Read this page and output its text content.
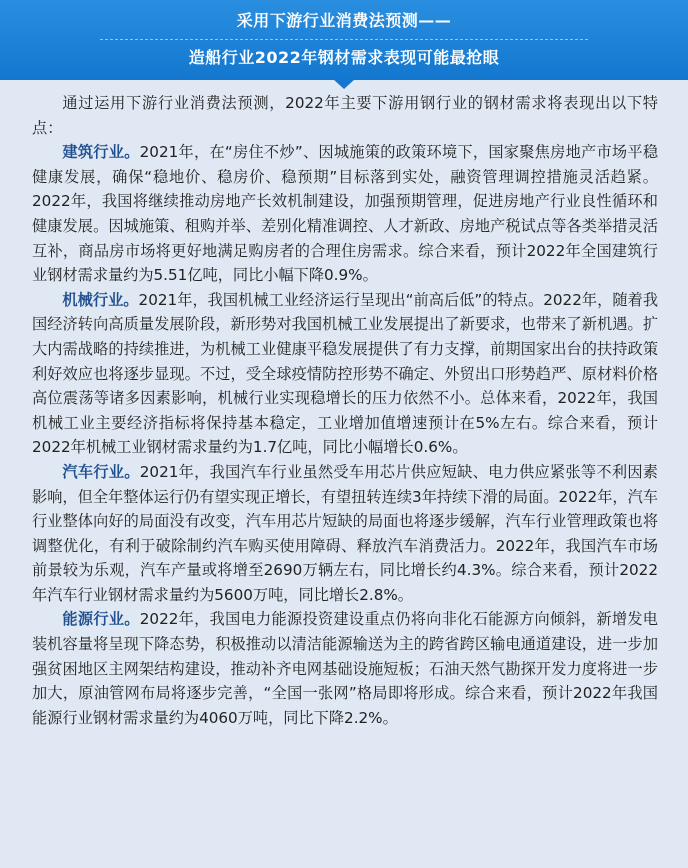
采用下游行业消费法预测——
造船行业2022年钢材需求表现可能最抢眼

通过运用下游行业消费法预测，2022年主要下游用钢行业的钢材需求将表现出以下特点：

建筑行业。2021年，在“房住不炒”、因城施策的政策环境下，国家聚焦房地产市场平稳健康发展，确保“稳地价、稳房价、稳预期”目标落到实处，融资管理调控措施灵活趋紧。2022年，我国将继续推动房地产长效机制建设，加强预期管理，促进房地产行业良性循环和健康发展。因城施策、租购并举、差别化精准调控、人才新政、房地产税试点等各类举措灵活互补，商品房市场将更好地满足购房者的合理住房需求。综合来看，预计2022年全国建筑行业钢材需求量约为5.51亿吨，同比小幅下降0.9%。

机械行业。2021年，我国机械工业经济运行呈现出“前高后低”的特点。2022年，随着我国经济转向高质量发展阶段，新形势对我国机械工业发展提出了新要求，也带来了新机遇。扩大内需战略的持续推进，为机械工业健康平稳发展提供了有力支撑，前期国家出台的扶持政策利好效应也将逐步显现。不过，受全球疫情防控形势不确定、外贸出口形势趋严、原材料价格高位震荡等诸多因素影响，机械行业实现稳增长的压力依然不小。总体来看，2022年，我国机械工业主要经济指标将保持基本稳定，工业增加值增速预计在5%左右。综合来看，预计2022年机械工业钢材需求量约为1.7亿吨，同比小幅增长0.6%。

汽车行业。2021年，我国汽车行业虽然受车用芯片供应短缺、电力供应紧张等不利因素影响，但全年整体运行仍有望实现正增长，有望扭转连续3年持续下滑的局面。2022年，汽车行业整体向好的局面没有改变，汽车用芯片短缺的局面也将逐步缓解，汽车行业管理政策也将调整优化，有利于破除制约汽车购买使用障碍、释放汽车消费活力。2022年，我国汽车市场前景较为乐观，汽车产量或将增至2690万辆左右，同比增长约4.3%。综合来看，预计2022年汽车行业钢材需求量约为5600万吨，同比增长2.8%。

能源行业。2022年，我国电力能源投资建设重点仍将向非化石能源方向倾斜，新增发电装机容量将呈现下降态势，积极推动以清洁能源输送为主的跨省跨区输电通道建设，进一步加强贫困地区主网架结构建设，推动补齐电网基础设施短板；石油天然气勘探开发力度将进一步加大，原油管网布局将逐步完善，“全国一张网”格局即将形成。综合来看，预计2022年我国能源行业钢材需求量约为4060万吨，同比下降2.2%。
